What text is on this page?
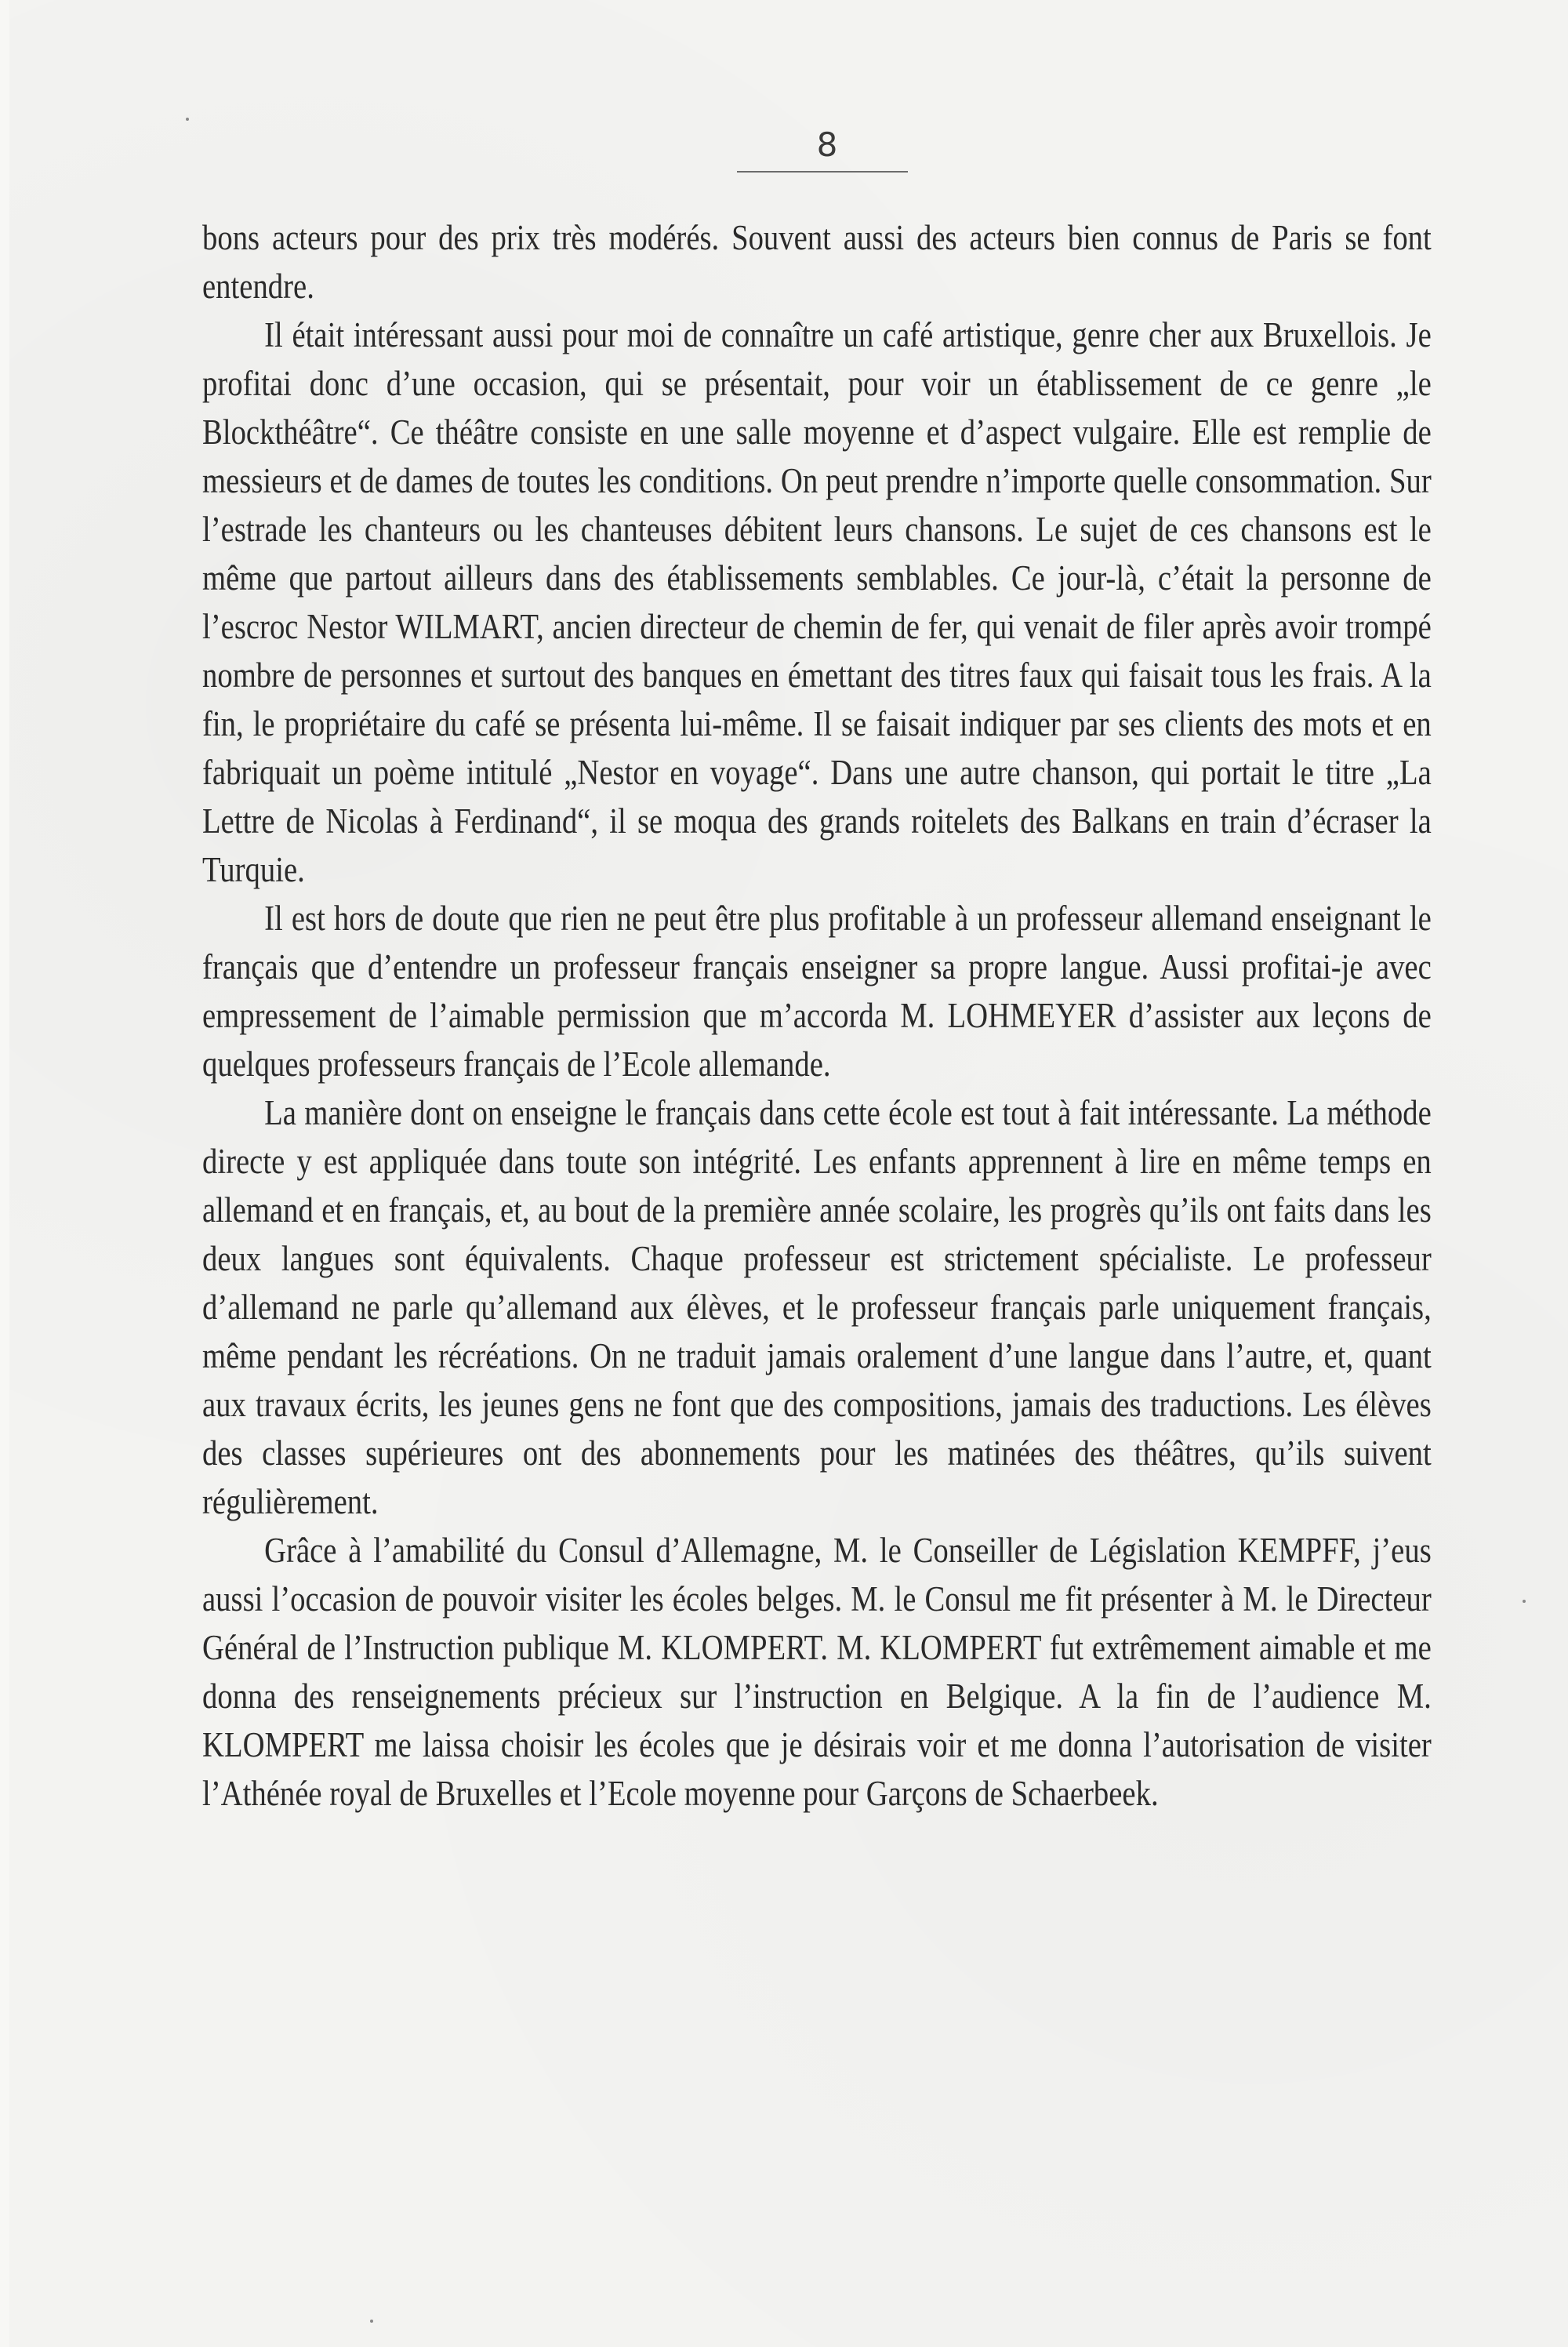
8

bons acteurs pour des prix très modérés. Souvent aussi des acteurs bien connus de Paris se font entendre.

Il était intéressant aussi pour moi de connaître un café artistique, genre cher aux Bruxellois. Je profitai donc d’une occasion, qui se présentait, pour voir un établissement de ce genre „le Blockthéâtre“. Ce théâtre consiste en une salle moyenne et d’aspect vulgaire. Elle est remplie de messieurs et de dames de toutes les conditions. On peut prendre n’importe quelle consommation. Sur l’estrade les chanteurs ou les chanteuses débitent leurs chansons. Le sujet de ces chansons est le même que partout ailleurs dans des établissements semblables. Ce jour-là, c’était la personne de l’escroc Nestor WILMART, ancien directeur de chemin de fer, qui venait de filer après avoir trompé nombre de personnes et surtout des banques en émettant des titres faux qui faisait tous les frais. A la fin, le propriétaire du café se présenta lui-même. Il se faisait indiquer par ses clients des mots et en fabriquait un poème intitulé „Nestor en voyage“. Dans une autre chanson, qui portait le titre „La Lettre de Nicolas à Ferdinand“, il se moqua des grands roitelets des Balkans en train d’écraser la Turquie.

Il est hors de doute que rien ne peut être plus profitable à un professeur allemand enseignant le français que d’entendre un professeur français enseigner sa propre langue. Aussi profitai-je avec empressement de l’aimable permission que m’accorda M. LOHMEYER d’assister aux leçons de quelques professeurs français de l’Ecole allemande.

La manière dont on enseigne le français dans cette école est tout à fait intéressante. La méthode directe y est appliquée dans toute son intégrité. Les enfants apprennent à lire en même temps en allemand et en français, et, au bout de la première année scolaire, les progrès qu’ils ont faits dans les deux langues sont équivalents. Chaque professeur est strictement spécialiste. Le professeur d’allemand ne parle qu’allemand aux élèves, et le professeur français parle uniquement français, même pendant les récréations. On ne traduit jamais oralement d’une langue dans l’autre, et, quant aux travaux écrits, les jeunes gens ne font que des compositions, jamais des traductions. Les élèves des classes supérieures ont des abonnements pour les matinées des théâtres, qu’ils suivent régulièrement.

Grâce à l’amabilité du Consul d’Allemagne, M. le Conseiller de Législation KEMPFF, j’eus aussi l’occasion de pouvoir visiter les écoles belges. M. le Consul me fit présenter à M. le Directeur Général de l’Instruction publique M. KLOMPERT. M. KLOMPERT fut extrêmement aimable et me donna des renseignements précieux sur l’instruction en Belgique. A la fin de l’audience M. KLOMPERT me laissa choisir les écoles que je désirais voir et me donna l’autorisation de visiter l’Athénée royal de Bruxelles et l’Ecole moyenne pour Garçons de Schaerbeek.
